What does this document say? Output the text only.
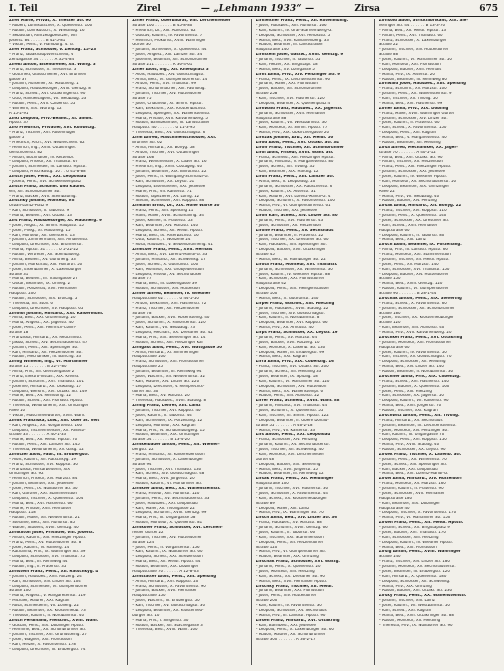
I. Teil	Zirel	— „Lehmann 1933“ —	Zirsa	675
Zirel Marie, Privat, X. Triester Str. 90
– Robert, Lohnkutscher, X. Quellenstr. 100
– Rudolf, Lohnkutsch., X. Wielandg. 16
– Sebastian, Fahrzeugbesitzer, VIII
Josefst. 84 . . . . . . B 42-5-81
– Viktor, Pens., V. Hamburg. 4. G.
Zirel Franz, Schlosser, V. Zentag. 15–23
– Franz, Tabakhauptverschleiß, V
Zentagasse 34 . . . . . . A 35-4-84
Zirekl Anton, Eisendreher, XII. Wolfg. 3
– Franz, Schlosser, X. Triesterstr. 3
– Gottfried, Glasschleifer, XVI. Brunnen
gasse 37
– Johann, Aufseher, XI. Mautnerg. 1
– Leopold, Hausbesorger, XVIII. Gentzg. 8
– Franz, Sched., XVI. Ottakringerstr. 90
– Otto, Handelsagent, VII. Neubaug. 53
– Rudolf, Pens., XVII. Cziberstr. 55
– Wilhelm, XIX. Würthg. 12
A 15-2-91
Zirkl Leopold, Priv.-Beamt., XI. Simm.
Hptstr. 37
Ziro Friedrich, Privatier, XVI. Kollwitzg.
– Franz, Tischler, XVI. Rosenhügel
gasse 5
– Friedrich, Arch., XVI. Neulerchenf. 62
– Heinrich, Ing., XVIII. Ottakringer.
Gersthoferstr. 82
– Anton, Buchhalter, IV. Kettenbr.
– Leopold, Friseur, XII. Thaliastr. 67
– Johann, Schneider, III. Landstr. Hptstr.
– Leopold, Frischkostg. 10 . . U 41-8-88
Zirsch Josef, Pens., XXI. Leopoldau
– Josefa, Pens., XVI. Schwendenplatz
Zirsch Franz, Schuhm. und Kaufm.
ein, XII. Schönbrunner Str.
– Franz, Bäcker, XVII. Steinbaumg.
Zirschky Johann, Monteur, VII
Urban-Loritz-Platz 9
– Karl, Schlosser, II. Taborstr. 9
– Maria, Bedien., XVI. Ottakr. 13
Zirs Franz, Hausbesorger, XI. Mautnerg. 9
– Josef, Angst., XI. Simm. Hauptstr. 15
– Josef, Pfleg., XI. Mautnerg. 15
– Karl, Monteur, XII. Gierstern. 13
– Johann, Zimmermann, XIII. Amalienstr.
– Leopold, Drechsler, XXI. Brünnerstr.
– Maria, Hptstr. 31 . . . . . U 5-22-22
– Rudolf, Vertreter, XII. Steinbauerg.
– Anna, Bedien., XV. Guntherg. 33
– Johann, Marktfrau, XIII. Holfarth. 50
– Josef, Eisenbahner, X. Laxenburger
Straße 31
– Maria, Bedien., III. Traungasse 27
– Oskar, Beamter, IX. Ohneg. 2
– Rudolf, Polizeirat, XVII. Hernalser
Hauptstr. 200
– Rudolf, Schlosser, XIX. Eroicag. 5
– Theresia, XII. Stoll. 6
– Leopold, Drechsler, XV. Hauptstr. 65
Zirnhol Johann, Hilfsarb., XXI. Kaisermühl.
– Anna, Bed., XXI. Grünentorg. 20
– Maria, Angest., XX. Jägerstr. 40
– Josef, Pens., XIII. Heinrich-Collin-
Straße 18
– Franziska, Hilfsarb., XV. Reuchlinstr.
– Jakob, Sched., XIV. Sechshauserstr. 47
– Johann, Pens., XIII. Speisinger Str.
– Karl, Hilfsarb., XII. Hetzendorfer Str.
– Rudolf, Mechaniker, III. Barichg. 33
Zirnig Wilhelm, Ing., VI. Mariahilfer
Straße 15 . . . . . . . B 22-7-80
– Anna, Priv., XII. Gierstergasse 2
– Franz, Elektro-Install., XIX. Kreind.
– Johann, Schuhm., XVI. Thaliastr. 101
– Josefine, Hilfsarb., XII. Oswaldg. 17
– Leopold, Werkm., XVI. Ottakr. Str. 149
– Marie, Bed., XV. Reindorfg. 12
– Rudolf, Sched., XXI. Floridsd. Hptstr.
– Theresia, Weißnäherin, XIX. Grinzinger
Allee 10
– Viktor, Maschinenwärter, XVIII. Währ.
Zirnik Franziska, Ldw., XIII. Ober St. Veit
– Karl, Angest., XX. Vorgartenstr. 160
– Leopold, Tischlermeister, XX. Pasetti-
straße 33 . . . . . . . A 40-1-33
– Marie, Bed., XII. Meidl. Hptstr. 70
– Rudolf, Pens., XIII. Lainzer Str. 145
– Theresia, Weißnäherin, XV. Gasg. 12
Zirnitzer Alois, Fabr., III. Erdbergstr.
– Alois, Kaufm., XII. Ratschkyg. 19
– Franz, Schlosser, XVI. Koppstr. 30
– Franziska, Hilfsarbeiterin, XIX
Grinzinger Str. 92
– Heinrich, Friseur, XIV. Märzstr. 84
– Johann, Beamter, XXI. Jedlesee
– Josef, Pens., IX. Nußdorfer Str. 30
– Karl, Gärtner, XXI. Stammersdorf
– Leopold, Tischler, X. Quellenstr. 104
– Maria, Bed., XVI. Hasnerstr. 66
– Marie, Private, XVII. Hernalser
Hauptstr. 118
– Rudolf, Maler, XII. Niederhofstr. 21
– Stefanie, Bed., XIII. Auhofstr. 85
– Walter, Student, XVIII. Gentzg. 40
Zirnkilton Josef, Privatier, VIII. Josefst.
– Anton, Kaufm., XIII. Hietzinger Hptstr.
– Franz, Pens., XV. Hütteldorfer Str. 8
– Josef, Kaufm., IV. Rainerg. 14
– Katharina, Priv., IX. Währinger Str. 39
– Leopold, Schlosser, XVI. Thaliastr. 75
– Maria, Bed., III. Rennweg 44
– Rudolf, Ing., II. Praterstr. 35
Zirnstein Franz, Pens., XII. Ratschkyg. 4
– Johann, Hausbes., XVII. Rötzerg. 24
– Karl, Schlosser, XIV. Linzer Str. 104
– Leopold, Schneider, VI. Gumpendorfer
Straße 100
– Maria, Angest., V. Margaretenstr. 119
– Michael, Maurer, XXI. Kagran
– Rosa, Schneiderin, VII. Zollerg. 22
– Rudolf, Beamter, XX. Klosterneub. 73
– Theodor, Kaufm., II. Nordbahnstr. 40
Zirsch Ferdinand, Fleischh., XVIII. Währ.
– Gustav, Pens., XIX. Döblinger Hptstr.
– Hermine, Bed., XII. Schönbrunner Str.
– Johann, Tischler, XVI. Grundsteing. 27
– Josef, Wagner, XXI. Floridsdorf
– Karl, Heizer, X. Favoritenstr. 178
– Leopold, Drechsler, III. Erdbergstr. 74
Zirler Franz, Oberbaurat, VIII. Lerchenfelder
Straße 100 . . . . . . . B 45-8-80
– Friedrich, Dr., XIII. Auhofstr. 62
– Gustav, Kaufm., IV. Favoritenstr. 7
– Heinrich, Prokurist, XVIII. Währinger
Gürtel 30
– Johann, Schneider, X. Quellenstr. 44
– Josef, Angest., XIII. Lainzer Str. 34
– Josefine, Beamtin, XII. Schönbrunner
Straße 211 . . . . . . . R 36-4-61
Zirler Alois, Ing., XII. Khleslplatz 3
– Alois, Hausbes., XIV. Goldschlagstr.
– Anna, Bed., VI. Gumpendorferstr. 14
– Anton, Pens., XVI. Thaliastr. 99
– Franz, Schuhmacher, XIII. Fasholdg.
– Johann, Tischler, XIV. Hütteldorfer
Straße 75
– Josef, Chauffeur, XI. Simm. Hptstr.
– Karl, Elektrom., XIX. Krottenbachstr.
– Leopold, Spengler, XX. Wallensteinstr.
– Maria, Private, XVII. Kalvarienberg. 5
– Rudolf, Bankbeamter, III. Landstraßer
Hauptstr. 40 . . . . . . . U 11-3-95
– Theresia, Bed., XV. Goldschlagstr. 6
Zirm Alfred, Maschinenschlosser, XXI.
Brünner Str. 62
– Anna, Hilfsarb., XII. Bonyg. 58
– Anton, Tischler, XVI. Ottakringer
Straße 168
– Franz, Werkmeister, X. Laaer Str. 16
– Friedrich, Ing., XVIII. Cottageg. 40
– Johann, Beamter, XIX. Billrothstr. 22
– Josef, Pens., II. Wolfgang-Schmälzl-G.
– Karl, Schlosser, XX. Leystr. 51
– Leopold, Eisendreher, XXI. Jedlesee
– Marie, Priv., VII. Kaiserstr. 71
– Rudolf, Tapezierer, XV. Löhrg. 12
– Stefan, Schneider, XVI. Koppstr. 86
Zirmann Ernst, Dr., XIX. Hohe Warte 30
– Franz, Pens., XIII. Speising 11
– Hans, Maler, XVIII. Schumanng. 34
– Josef, Kellner, II. Praterstr. 53
– Karl, Beamter, XIV. Märzstr. 140
– Leopold, Sched., XII. Meidl. Hptstr.
– Maria, Bed., IX. Alserbachstr. 16
– Otto, Kaufm., I. Wollzeile 24
– Rosa, Hausbes., V. Siebenbrunneng. 41
Zirmcser Franz, Pens., XVII. Hernals
– Anna, Bed., XVI. Lorenz-Mandl-G. 33
– Johann, Hilfsarb., XII. Schwenkg. 17
– Josef, Sched., X. Gudrunstr. 100
– Karl, Monteur, XXI. Großjedlersdorf
– Leopold, Friseur, XV. Sechshauser
Straße 77
– Maria, Bed., III. Löwengasse 39
– Rudolf, Schlosser, XIV. Hütteldorf
Zirner Alfred, Beamter, IV. Wiedner
Hauptstraße 62 . . . . . . U 44-5-50
– Anton, Elektriker, XVI. Hasnerstr. 72
– Franz, Tischler, XII. Hetzendorfer
Straße 78
– Johann, Bäcker, XVII. Rosensteing. 40
– Josef, Schuhm., X. Favoritenstr. 120
– Karl, Kaufm., VII. Neubaug. 73
– Leopold, Mechan., XX. Dresdner Str. 42
– Maria, Priv., XIX. Sieveringer Str. 14
– Rudolf, Sched., XIII. Hietzinger Kai
Zirngast Alois, Pens., XVI. Wattgasse 50
– Anna, Hilfsarb., XI. Simmeringer
Hauptstraße 100
– Franz, Schlosser, XXI. Floridsdorfer
Hauptstraße 25
– Johann, Beamter, III. Rennweg 94
– Josef, Wachm., XII. Niederhofstr. 32
– Karl, Maurer, XIV. Linzer Str. 220
– Leopold, Drechsler, V. Reinprechts-
dorfer Str. 30
– Maria, Bed., XV. Märzstr. 20
– Theresia, Hausbes., XVIII. Staudg. 8
Zirnig Franz, Lehrer, XIII. Lainz
– Johann, Tischler, XVI. Koppstr. 40
– Josef, Kaufm., II. Taborstr. 44
– Karl, Schneider, IX. Porzellang. 12
– Leopold, Monteur, XXI. Kagran
– Maria, Priv., IV. Schaumburgerg. 15
– Rudolf, Beamter, XIX. Grinzinger
Straße 54 . . . . . . . B 13-4-20
Zirnkelbauer Anton, Pens., XII. Wiener-
bergstr. 22
– Franz, Hilfsarb., XI. Kaiserebersdorf
– Johann, Schlosser, X. Laxenburger
Straße 94
– Josef, Tischler, XVI. Thaliastr. 130
– Karl, Sched., XIV. Goldschlagstr. 48
– Maria, Bed., XVII. Jörgerstr. 20
– Rudolf, Kaufm., VI. Mariahilfer Str.
Zirnkler Anna, Bed., XX. Wallensteinstr.
– Franz, Friseur, XIII. Auhofstr. 120
– Johann, Pens., XV. Sechshauserstr. 33
– Josef, Hausbes., XXI. Leopoldau
– Karl, Maler, XII. Tivoligasse 22
– Leopold, Schuhm., XVIII. Gentzg. 99
– Maria, Priv., III. Ungargasse 58
– Rudolf, Monteur, X. Quellenstr. 81
Zirnkofer Franz, Schlosser, XVI. Lerchen-
felder Gürtel 22
– Johann, Tischler, XIV. Hütteldorfer
Straße 124
– Josef, Pens., II. Vorgartenstr. 156
– Karl, Kaufm., IX. Nußdorfer Str. 60
– Leopold, Sched., XXI. Strebersdorf
– Maria, Bed., XII. Meidl. Hptstr. 44
– Rudolf, Beamter, XIX. Döblinger
Hauptstraße 70 . . . . . . A 12-8-03
Zirnstätter Alois, Pens., XIII. Speising
– Anna, Hilfsarb., XVI. Koppstr. 20
– Franz, Schlosser, X. Favoritenstr. 90
– Johann, Bäcker, XVII. Hernalser
Hauptstraße 150
– Josef, Wachm., III. Erdbergstr. 50
– Karl, Tischler, XV. Goldschlagstr. 30
– Leopold, Beamter, XX. Klosterneu-
burger Str. 10
– Maria, Priv., I. Singerstr. 30
– Rudolf, Bäcker, XII. Stachegasse 3
– Theresia, Bed., XVIII. Währ. 100
Zirnleitner Franz, Pens., XII. Rotenmühlg.
– Josef, Hausbes., XIII. Auhofstr. 166
– Karl, Kaufm., IV. Graf-Starhemberg-G.
– Leopold, Schlosser, XVI. Herbststr. 5
– Maria, Bed., XVII. Kalvarienberg. 33
– Rudolf, Beamter, III. Landstraßer
Hauptstraße 140
Zirnstein Josef, Gastw., XVIII. Gentzg. 9
– Johann, Tischler, II. Taborstr. 55
– Karl, Heizer, XX. Brigittapl. 18
– Maria, Bed., XV. Löhrgasse 5
Zirnt Anna, Priv., XIV. Penzinger Str. 9
– Franz, Pens., IX. Liechtensteinstr. 90
– Johann, Maler, XXI. Floridsdorf
– Josef, Bäcker, XII. Schönbrunner
Straße 258
– Karl, Tischler, XVI. Hasnerstr. 120
– Leopold, Beamter, X. Quellenplatz 4
Zirnwald Franz, Hausbes., XX. Jägerstr.
– Johann, Schlosser, XVII. Hernalser
Hauptstraße 88
– Josef, Kaufm., VII. Westbahnstr. 30
– Karl, Monteur, XI. Simm. Hptstr. 77
– Maria, Priv., XIX. Obkirchergasse 20
Zirnzak Johann, Arb., XII. Meidl. 50
Zirod Alois, Pens., XVI. Ottakr. Str. 34
Ziroff Franz, Tischler, XII. Schönbrunner
Ziroi Alois, Friseur, XVIII. Währ. Str.
– Franz, Schneid., XIII. Hietzinger Hptstr.
– Johann, Hilfsarb., V. Margaretenstr. 80
– Josef, Sched., XII. Tivolig. 35
– Karl, Beamter, XIX. Hardtg. 12
Ziroli Franz, Pens., XIII. Lainzer Str.
– Anna, Bed., II. Leopoldsg. 20
– Johann, Schlosser, XX. Rauscherstr. 6
– Josef, Kaufm., IX. Alserstr. 31
– Karl, Maurer, XVI. Lorenz-Mandl-G. 4
– Leopold, Schuhm., X. Favoritenstr. 100
– Maria, Priv., VI. Gumpendorferstr. 61
– Rudolf, Tischler, XXI. Jedlesee
Ziron Karl, Sched., XIV. Linzer Str. 80
– Johann, Pens., XVI. Hasnerstr. 43
– Josef, Schlosser, XII. Hetzendorf
Zirone Franz, Pens., XV. Sechshaus
– Johann, Beamter, II. Praterstr. 22
– Josef, Tischler, XX. Dresdner Str. 60
– Karl, Hausbes., XIII. Speisinger Str.
– Leopold, Bäcker, XVII. Ottakringer
Straße 45
– Maria, Bed., III. Hainburger Str. 22
Zirota Franz, Monteur, XVI. Thaliastr.
– Johann, Schneider, XII. Wilhelmstr. 30
– Josef, Kaufm., IV. Wiedner Hptstr. 88
– Karl, Schlosser, XXI. Floridsdorfer
Hauptstraße 42
– Leopold, Pens., XIX. Heiligenstädter
Straße 100
– Maria, Bed., X. Gudrunstr. 140
Zirpel Franz, Wachm., XIII. Hietzing
– Johann, Hausbes., XVIII. Staudg. 22
– Josef, Tischler, XIV. Goldschlagstr.
– Karl, Kaufm., II. Nordbahnstr. 8
– Leopold, Beamter, XVI. Koppstr. 66
– Maria, Priv., XII. Arndtstr. 40
Zirps Franz, Schlosser, XX. Leystr. 19
– Johann, Pens., XV. Märzstr. 64
– Josef, Bäcker, XVII. Rötzerg. 10
– Karl, Monteur, X. Laxenb. Str. 130
– Leopold, Maler, III. Erdbergstr. 99
– Maria, Bed., XXI. Kagran
Zirra Anna, Priv., XIX. Cobenzlg. 16
– Franz, Tischler, XVI. Ottakr. Str. 200
– Johann, Sched., XII. Meidling 33
– Josef, Beamter, IX. Spitalg. 18
– Karl, Kaufm., VI. Mariahilfer Str. 120
– Leopold, Schlosser, XIV. Hütteldorf
– Maria, Bed., XX. Wallensteinpl. 6
– Rudolf, Pens., XIII. Auhofstr. 22
Zirrer Franz, Schneid., XVIII. Währ. 88
– Johann, Hilfsarb., XVI. Thaliastr. 44
– Josef, Schuhm., X. Quellenstr. 55
– Karl, Tischler, XI. Simm. Hptstr. 122
– Leopold, Beamter, II. Obere Donau-
straße 55 . . . . . . . A 46-2-18
– Maria, Priv., VII. Kaiserstr. 33
Zirs Anton, Pens., XXI. Leopoldau
– Franz, Schlosser, XIV. Penzing
– Johann, Kaufm., XV. Sechshauserstr.
– Josef, Tischler, XII. Schwenkg. 40
– Karl, Monteur, XVI. Lerchenfelder
Gürtel 48
– Leopold, Bäcker, XIX. Sievering
– Maria, Bed., XVII. Jörgerstr. 55
– Rudolf, Beamter, III. Rennweg 12
Zirsak Franz, Pens., XII. Meidlinger
Hauptstraße 100
– Johann, Tischler, XVI. Hasnerstr. 30
– Josef, Schlosser, X. Favoritenstr. 44
– Karl, Sched., XX. Klosterneuburger
Straße 89
– Leopold, Maler, XIII. Lainz
– Maria, Priv., IX. Währinger Str. 70
Zirsch Anna, Bed., XIV. Linzer Str. 36
– Franz, Hausbes., XV. Märzstr. 88
– Johann, Schuhm., XVIII. Gentzg. 66
– Josef, Kaufm., II. Taborstr. 66
– Karl, Tischler, XXI. Stammersdorf
– Leopold, Pens., XII. Hetzendorfer
Straße 120
– Maria, Priv., VI. Gumpendorfer Str.
– Rudolf, Beamter, XIX. Grinzing
Zirschak Franz, Schlosser, XVI. Wattg.
– Johann, Pens., X. Quellenstr. 20
– Josef, Monteur, XIII. Hietzing
– Karl, Sched., XX. Dresdner Str. 90
– Maria, Bed., XVII. Hernalser Hptstr.
Zirschky Franz, Tischler, XII. Meidl.
– Johann, Beamter, XXI. Floridsdorf
– Josef, Pens., XIV. Hütteldorfer
Straße 200
– Karl, Kaufm., IV. Favoritenstr. 30
– Leopold, Schlosser, XV. Sechshaus
– Maria, Priv., III. Landstr. Hptstr. 90
Zirsen Franz, Hilfsarb., XVI. Ottakring
– Karl, Bahnbed., XXI. Jedlesee
– Leopold, Pens., X. Laxenburger Str. 60
– Rudolf, Maurer, XII. Schönbrunner
Straße 300 . . . . . . . R 36-2-17
Zirnsold Adolf, Strickfabrikant, XIX. Sie-
veringer Str. 44 . . . . . . B 13-3-70
– Anna, Bed., XII. Meidl. Hptstr. 13
– Anton, Pens., XVI. Thaliastr. 60
– Franz, Schlosser, X. Laxenburger
Straße 22
– Johann, Tischler, XIV. Hütteldorfer
Straße 88
– Josef, Kaufm., VI. Mariahilfer Str. 50
– Karl, Monteur, XXI. Floridsdorf
– Leopold, Bäcker, XVII. Hernals
– Maria, Priv., IX. Alserstr. 20
– Rudolf, Beamter, III. Rennweg 80
Zirnwald Josef, Hausbes., XIII. Speising
– Franz, Schuhm., XV. Märzstr. 100
– Johann, Pens., XX. Wallensteinstr. 9
– Karl, Tischler, XII. Tivolig. 50
– Maria, Bed., XVI. Hasnerstr. 99
Zirner Anna, Priv., XIX. Döbling
– Franz, Maler, XVIII. Währinger Gürtel
– Johann, Schlosser, XIV. Linzer Str.
– Josef, Kaufm., II. Praterstr. 60
– Karl, Sched., X. Favoritenstr. 150
– Leopold, Pens., XXI. Kagran
– Maria, Bed., V. Margaretenstr. 40
– Rudolf, Beamter, XII. Meidling
Zirsa Alfred, Mechaniker, XX. Jäger-
straße 70 . . . . . . . A 40-5-12
– Anna, Bed., XVI. Ottakr. Str. 90
– Anton, Tischler, XII. Hetzendorf
– Franz, Pens., XIII. Hietzinger Hptstr.
– Johann, Schlosser, XXI. Jedlesee
– Josef, Kaufm., IV. Wiedner Hptstr.
– Karl, Monteur, XV. Sechshauserstr. 50
– Leopold, Beamter, XIX. Grinzinger
Allee 22
– Maria, Priv., VII. Neubaug. 40
– Rudolf, Bäcker, XIV. Penzing
Zirsak Anna, Hilfsarb., XII. Bonyg. 22
– Franz, Tischler, XVI. Koppstr. 110
– Johann, Pens., X. Quellenstr. 140
– Josef, Schlosser, XX. Dresdner Str.
– Karl, Sched., XVII. Hernalser
Hauptstraße 60
– Leopold, Kaufm., II. Taborstr. 80
– Maria, Bed., XIII. Lainz
Zirsch Adolf, Beamter, IX. Porzellang.
– Anna, Priv., III. Landstr. Hptstr. 66
– Franz, Monteur, XXI. Stammersdorf
– Johann, Tischler, XII. Meidl. Hptstr.
– Josef, Pens., XV. Märzstr. 140
– Karl, Schlosser, XVI. Thaliastr. 150
– Leopold, Bäcker, XIV. Hütteldorfer
Straße 150
– Maria, Bed., XVIII. Gentzg. 120
– Rudolf, Kaufm., VI. Gumpendorfer
Straße 90 . . . . . . . B 28-1-44
Zirschak Anton, Pens., XIX. Sievering
– Franz, Sched., X. Favoritenstr. 60
– Johann, Schlosser, XII. Schönbrunner
Straße 180
– Josef, Tischler, XX. Klosterneuburger
Straße 120
– Karl, Beamter, XIII. Auhofstr. 40
– Maria, Priv., XVII. Kalvarienberg. 20
Zirschkel Franz, Pens., XVI. Ottakring
– Johann, Monteur, XXI. Floridsdorfer
Hauptstraße 60
– Josef, Kaufm., IV. Favoritenstr. 50
– Karl, Tischler, XV. Goldschlagstr. 70
– Leopold, Schlosser, XII. Meidling
– Maria, Bed., XIV. Linzer Str. 140
– Rudolf, Beamter, II. Nordbahnstr. 30
Zirschner Anna, Priv., XIX. Cobenzlg.
– Franz, Sched., XVI. Hasnerstr. 140
– Johann, Bäcker, X. Quellenstr. 160
– Josef, Pens., XIII. Hietzing
– Karl, Schlosser, XX. Jägerstr. 50
– Leopold, Kaufm., VII. Kaiserstr. 90
– Maria, Bed., XVII. Jörgerstr. 70
– Rudolf, Tischler, XXI. Kagran
Zirschwitz Anton, Pens., XII. Tivolig.
– Franz, Hilfsarb., XV. Sechshaus
– Johann, Beamter, IX. Liechtensteinstr.
– Josef, Monteur, XIV. Penzinger Str.
– Karl, Kaufm., III. Ungargasse 70
– Leopold, Pens., XVI. Koppstr. 150
– Maria, Priv., XVIII. Staudg. 40
– Rudolf, Schlosser, XX. Leystr. 90
Zirsek Franz, Tischler, X. Laxenb. Str.
– Johann, Pens., XII. Wilhelmstr. 70
– Josef, Sched., XIII. Speisinger Str.
– Karl, Bäcker, XXI. Leopoldau
– Maria, Bed., XVI. Lorenz-Mandl-G.
Zirsel Anna, Hilfsarb., XIV. Hütteldorf
– Franz, Monteur, XV. Märzstr. 160
– Johann, Kaufm., II. Praterstr. 90
– Josef, Schlosser, XVII. Hernalser
Hauptstraße 180
– Karl, Beamter, XIX. Döblinger
Hauptstraße 40
– Leopold, Tischler, X. Favoritenstr. 170
– Maria, Priv., VI. Mariahilfer Str. 150
Zirsen Franz, Pens., XII. Meidl. Hptstr.
– Johann, Sched., XX. Brigittaplatz 9
– Josef, Bäcker, XVI. Thaliastr. 170
– Karl, Schlosser, XIII. Hietzing
– Leopold, Kaufm., IV. Wiedner Hptstr.
– Maria, Bed., XXI. Floridsdorf
Zirsig Anton, Pens., XVIII. Währinger
Straße 140
– Franz, Tischler, XIV. Linzer Str. 180
– Johann, Monteur, XV. Sechshauserstr.
– Josef, Beamter, III. Erdbergstr. 120
– Karl, Hilfsarb., X. Quellenstr. 180
– Leopold, Schlosser, XII. Schwenkg.
– Maria, Priv., XIX. Grinzing
– Rudolf, Bäcker, XVI. Ottakr. Str. 230
Zirsky Franz, Pens., XX. Wallensteinstr.
– Johann, Tischler, XIII. Lainz
– Josef, Kaufm., VII. Westbahnstr. 50
– Karl, Sched., XXI. Kagran
– Maria, Bed., XVII. Ottakringer Str. 88
– Rudolf, Monteur, XII. Meidling
– Theresia, Priv., IX. Nußdorfer Str. 90
